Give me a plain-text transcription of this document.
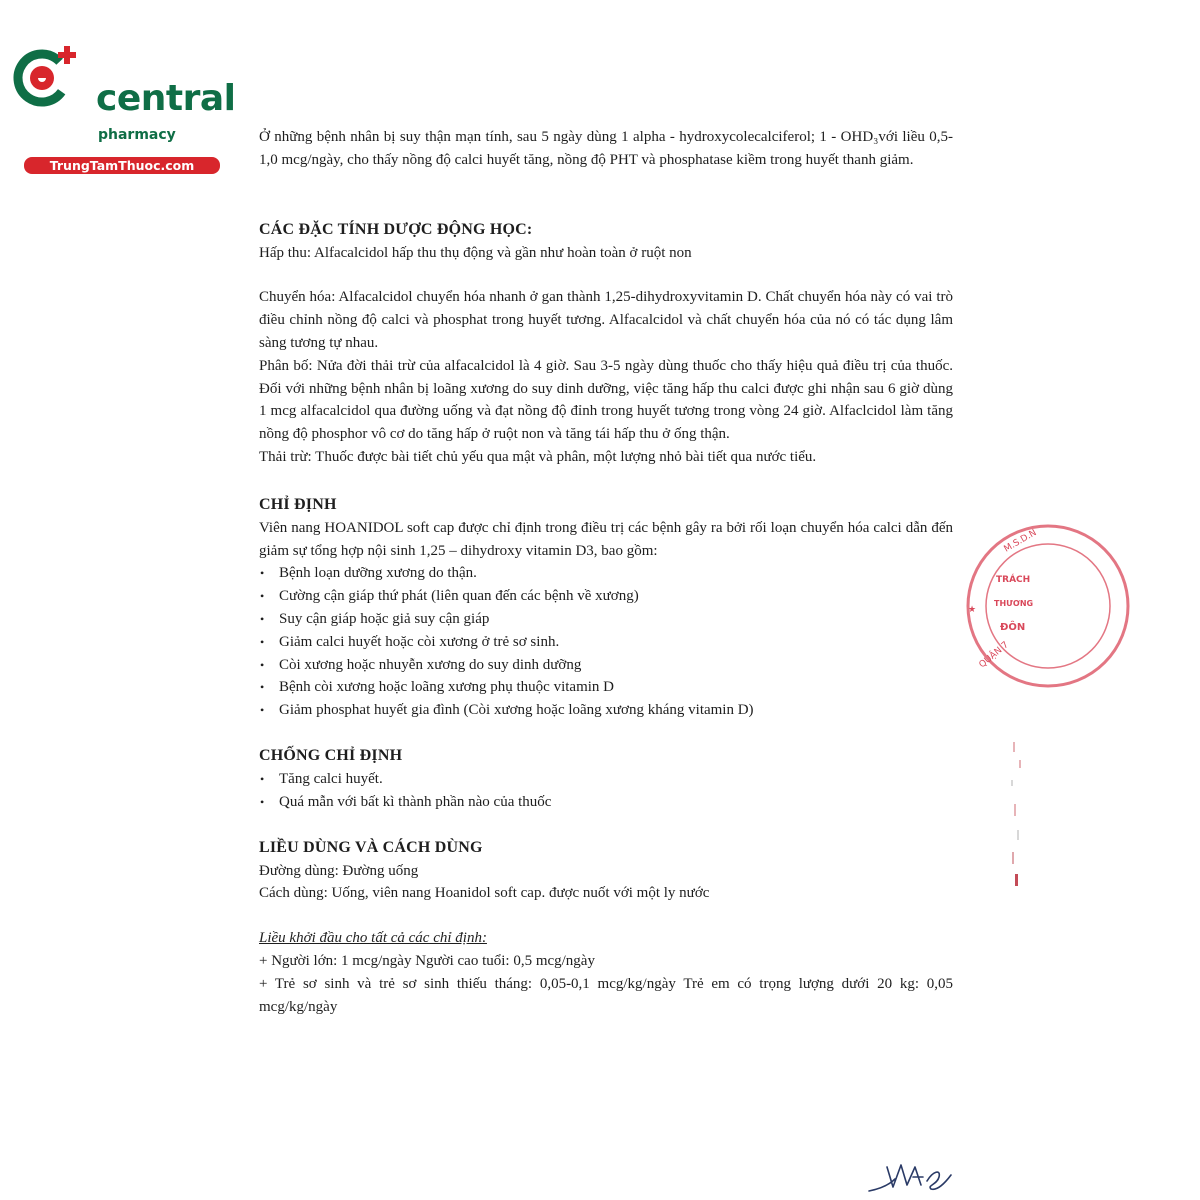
central
pharmacy
TrungTamThuoc.com

Ở những bệnh nhân bị suy thận mạn tính, sau 5 ngày dùng 1 alpha - hydroxycolecalciferol; 1 - OHD₃với liều 0,5-1,0 mcg/ngày, cho thấy nồng độ calci huyết tăng, nồng độ PHT và phosphatase kiềm trong huyết thanh giảm.

CÁC ĐẶC TÍNH DƯỢC ĐỘNG HỌC:

Hấp thu: Alfacalcidol hấp thu thụ động và gần như hoàn toàn ở ruột non

Chuyển hóa: Alfacalcidol chuyển hóa nhanh ở gan thành 1,25-dihydroxyvitamin D. Chất chuyển hóa này có vai trò điều chỉnh nồng độ calci và phosphat trong huyết tương. Alfacalcidol và chất chuyển hóa của nó có tác dụng lâm sàng tương tự nhau.

Phân bố: Nửa đời thải trừ của alfacalcidol là 4 giờ. Sau 3-5 ngày dùng thuốc cho thấy hiệu quả điều trị của thuốc. Đối với những bệnh nhân bị loãng xương do suy dinh dưỡng, việc tăng hấp thu calci được ghi nhận sau 6 giờ dùng 1 mcg alfacalcidol qua đường uống và đạt nồng độ đỉnh trong huyết tương trong vòng 24 giờ. Alfaclcidol làm tăng nồng độ phosphor vô cơ do tăng hấp ở ruột non và tăng tái hấp thu ở ống thận.

Thải trừ: Thuốc được bài tiết chủ yếu qua mật và phân, một lượng nhỏ bài tiết qua nước tiểu.

CHỈ ĐỊNH

Viên nang HOANIDOL soft cap được chỉ định trong điều trị các bệnh gây ra bởi rối loạn chuyển hóa calci dẫn đến giảm sự tổng hợp nội sinh 1,25 – dihydroxy vitamin D3, bao gồm:

• Bệnh loạn dưỡng xương do thận.
• Cường cận giáp thứ phát (liên quan đến các bệnh về xương)
• Suy cận giáp hoặc giả suy cận giáp
• Giảm calci huyết hoặc còi xương ở trẻ sơ sinh.
• Còi xương hoặc nhuyễn xương do suy dinh dưỡng
• Bệnh còi xương hoặc loãng xương phụ thuộc vitamin D
• Giảm phosphat huyết gia đình (Còi xương hoặc loãng xương kháng vitamin D)
CHỐNG CHỈ ĐỊNH
• Tăng calci huyết.
• Quá mẫn với bất kì thành phần nào của thuốc
LIỀU DÙNG VÀ CÁCH DÙNG

Đường dùng: Đường uống

Cách dùng: Uống, viên nang Hoanidol soft cap. được nuốt với một ly nước

Liều khởi đầu cho tất cả các chỉ định:

+ Người lớn: 1 mcg/ngày Người cao tuổi: 0,5 mcg/ngày

+ Trẻ sơ sinh và trẻ sơ sinh thiếu tháng: 0,05-0,1 mcg/kg/ngày Trẻ em có trọng lượng dưới 20 kg: 0,05 mcg/kg/ngày

M.S.D.N
TRÁCH
THƯƠNG
ĐÔN
QUẬN 7
★
